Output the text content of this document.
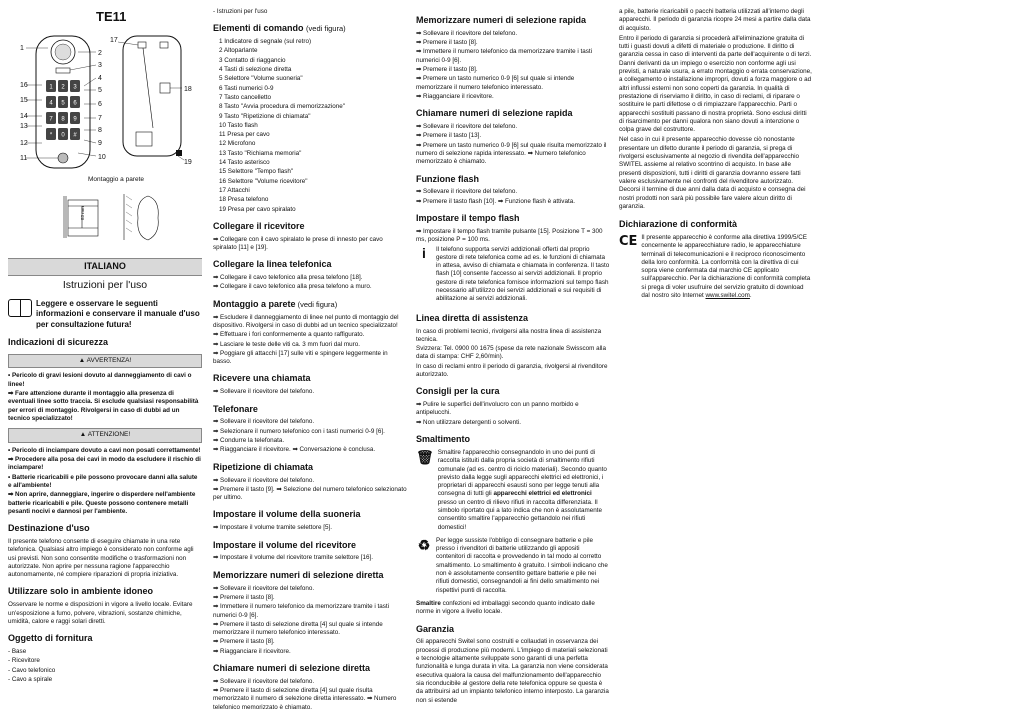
TE11
1 2 3
4 5 6
7 8 9
* 0 #
1
2
3
4
5
6
7
8
9
10
11
12
13
14
15
16
17
18
19
83 mm
Montaggio a parete
ITALIANO
Istruzioni per l'uso
Leggere e osservare le seguenti informazioni e conservare il manuale d'uso per consultazione futura!
Indicazioni di sicurezza
▲ AVVERTENZA!
• Pericolo di gravi lesioni dovuto al danneggiamento di cavi o linee!
➡ Fare attenzione durante il montaggio alla presenza di eventuali linee sotto traccia. Si esclude qualsiasi responsabilità per errori di montaggio. Rivolgersi in caso di dubbi ad un tecnico specializzato!
▲ ATTENZIONE!
• Pericolo di inciampare dovuto a cavi non posati correttamente!
➡ Procedere alla posa dei cavi in modo da escludere il rischio di inciampare!
• Batterie ricaricabili e pile possono provocare danni alla salute e all'ambiente!
➡ Non aprire, danneggiare, ingerire o disperdere nell'ambiente batterie ricaricabili e pile. Queste possono contenere metalli pesanti nocivi e dannosi per l'ambiente.
Destinazione d'uso

Il presente telefono consente di eseguire chiamate in una rete telefonica. Qualsiasi altro impiego è considerato non conforme agli usi previsti. Non sono consentite modifiche o trasformazioni non autorizzate. Non aprire per nessuna ragione l'apparecchio autonomamente, né compiere riparazioni di propria iniziativa.

Utilizzare solo in ambiente idoneo

Osservare le norme e disposizioni in vigore a livello locale. Evitare un'esposizione a fumo, polvere, vibrazioni, sostanze chimiche, umidità, calore e raggi solari diretti.

Oggetto di fornitura
- Base
- Ricevitore
- Cavo telefonico
- Cavo a spirale
- Istruzioni per l'uso
Elementi di comando (vedi figura)
1 Indicatore di segnale (sul retro)
2 Altoparlante
3 Contatto di riaggancio
4 Tasti di selezione diretta
5 Selettore "Volume suoneria"
6 Tasti numerici 0-9
7 Tasto cancelletto
8 Tasto "Avvia procedura di memorizzazione"
9 Tasto "Ripetizione di chiamata"
10 Tasto flash
11 Presa per cavo
12 Microfono
13 Tasto "Richiama memoria"
14 Tasto asterisco
15 Selettore "Tempo flash"
16 Selettore "Volume ricevitore"
17 Attacchi
18 Presa telefono
19 Presa per cavo spiralato
Collegare il ricevitore
➡ Collegare con il cavo spiralato le prese di innesto per cavo spiralato [11] e [19].
Collegare la linea telefonica
➡ Collegare il cavo telefonico alla presa telefono [18].
➡ Collegare il cavo telefonico alla presa telefono a muro.
Montaggio a parete (vedi figura)
➡ Escludere il danneggiamento di linee nel punto di montaggio del dispositivo. Rivolgersi in caso di dubbi ad un tecnico specializzato!
➡ Effettuare i fori conformemente a quanto raffigurato.
➡ Lasciare le teste delle viti ca. 3 mm fuori dal muro.
➡ Poggiare gli attacchi [17] sulle viti e spingere leggermente in basso.
Ricevere una chiamata
➡ Sollevare il ricevitore del telefono.
Telefonare
➡ Sollevare il ricevitore del telefono.
➡ Selezionare il numero telefonico con i tasti numerici 0-9 [6].
➡ Condurre la telefonata.
➡ Riagganciare il ricevitore. ➡ Conversazione è conclusa.
Ripetizione di chiamata
➡ Sollevare il ricevitore del telefono.
➡ Premere il tasto [9]. ➡ Selezione del numero telefonico selezionato per ultimo.
Impostare il volume della suoneria
➡ Impostare il volume tramite selettore [5].
Impostare il volume del ricevitore
➡ Impostare il volume del ricevitore tramite selettore [16].
Memorizzare numeri di selezione diretta
➡ Sollevare il ricevitore del telefono.
➡ Premere il tasto [8].
➡ Immettere il numero telefonico da memorizzare tramite i tasti numerici 0-9 [6].
➡ Premere il tasto di selezione diretta [4] sul quale si intende memorizzare il numero telefonico interessato.
➡ Premere il tasto [8].
➡ Riagganciare il ricevitore.
Chiamare numeri di selezione diretta
➡ Sollevare il ricevitore del telefono.
➡ Premere il tasto di selezione diretta [4] sul quale risulta memorizzato il numero di selezione diretta interessato. ➡ Numero telefonico memorizzato è chiamato.
Memorizzare numeri di selezione rapida
➡ Sollevare il ricevitore del telefono.
➡ Premere il tasto [8].
➡ Immettere il numero telefonico da memorizzare tramite i tasti numerici 0-9 [6].
➡ Premere il tasto [8].
➡ Premere un tasto numerico 0-9 [6] sul quale si intende memorizzare il numero telefonico interessato.
➡ Riagganciare il ricevitore.
Chiamare numeri di selezione rapida
➡ Sollevare il ricevitore del telefono.
➡ Premere il tasto [13].
➡ Premere un tasto numerico 0-9 [6] sul quale risulta memorizzato il numero di selezione rapida interessato. ➡ Numero telefonico memorizzato è chiamato.
Funzione flash
➡ Sollevare il ricevitore del telefono.
➡ Premere il tasto flash [10]. ➡ Funzione flash è attivata.
Impostare il tempo flash
➡ Impostare il tempo flash tramite pulsante [15]. Posizione T = 300 ms, posizione P = 100 ms.
i	Il telefono supporta servizi addizionali offerti dal proprio gestore di rete telefonica come ad es. le funzioni di chiamata in attesa, avviso di chiamata e chiamata in conferenza. Il tasto flash [10] consente l'accesso ai servizi addizionali. Il proprio gestore di rete telefonica fornisce informazioni sul tempo flash necessario all'utilizzo dei servizi addizionali e sui requisiti di abilitazione ai servizi addizionali.

Linea diretta di assistenza
In caso di problemi tecnici, rivolgersi alla nostra linea di assistenza tecnica.
Svizzera: Tel. 0900 00 1675 (spese da rete nazionale Swisscom alla data di stampa: CHF 2,60/min).
In caso di reclami entro il periodo di garanzia, rivolgersi al rivenditore autorizzato.
Consigli per la cura
➡ Pulire le superfici dell'involucro con un panno morbido e antipelucchi.
➡ Non utilizzare detergenti o solventi.
Smaltimento
🗑 Smaltire l'apparecchio consegnandolo in uno dei punti di raccolta istituiti dalla propria società di smaltimento rifiuti comunale (ad es. centro di riciclo materiali). Secondo quanto previsto dalla legge sugli apparecchi elettrici ed elettronici, i proprietari di apparecchi esausti sono per legge tenuti alla consegna di tutti gli apparecchi elettrici ed elettronici presso un centro di rilievo rifiuti in raccolta differenziata. Il simbolo riportato qui a lato indica che non è assolutamente consentito smaltire l'apparecchio gettandolo nei rifiuti domestici!

♻ Per legge sussiste l'obbligo di consegnare batterie e pile presso i rivenditori di batterie utilizzando gli appositi contenitori di raccolta e provvedendo in tal modo al corretto smaltimento. Lo smaltimento è gratuito. I simboli indicano che non è assolutamente consentito gettare batterie e pile nei rifiuti domestici, consegnandoli ai fini dello smaltimento nei rispettivi punti di raccolta.

Smaltire confezioni ed imballaggi secondo quanto indicato dalle norme in vigore a livello locale.

Garanzia

Gli apparecchi Switel sono costruiti e collaudati in osservanza dei processi di produzione più moderni. L'impiego di materiali selezionati e tecnologie altamente sviluppate sono garanti di una perfetta funzionalità e lunga durata in vita. La garanzia non viene considerata esecutiva qualora la causa del malfunzionamento dell'apparecchio sia riconducibile al gestore della rete telefonica oppure se questa è da attribuirsi ad un impianto telefonico interno interposto. La garanzia non si estende

a pile, batterie ricaricabili o pacchi batteria utilizzati all'interno degli apparecchi. Il periodo di garanzia ricopre 24 mesi a partire dalla data di acquisto.

Entro il periodo di garanzia si procederà all'eliminazione gratuita di tutti i guasti dovuti a difetti di materiale o produzione. Il diritto di garanzia cessa in caso di interventi da parte dell'acquirente o di terzi. Danni derivanti da un impiego o esercizio non conforme agli usi previsti, a naturale usura, a errato montaggio o errata conservazione, a collegamento o installazione impropri, dovuti a forza maggiore o ad altri influssi esterni non sono coperti da garanzia. In qualità di prestazione di riserviamo il diritto, in caso di reclami, di riparare o sostituire le parti difettose o di rimpiazzare l'apparecchio. Parti o apparecchi sostituiti passano di nostra proprietà. Sono esclusi diritti di risarcimento per danni qualora non siano dovuti a intenzione o colpa grave del costruttore.

Nel caso in cui il presente apparecchio dovesse ciò nonostante presentare un difetto durante il periodo di garanzia, si prega di rivolgersi esclusivamente al negozio di rivendita dell'apparecchio SWITEL assieme al relativo scontrino di acquisto. In base alle presenti disposizioni, tutti i diritti di garanzia dovranno essere fatti valere esclusivamente nei confronti del rivenditore autorizzato. Decorsi il termine di due anni dalla data di acquisto e consegna dei nostri prodotti non sarà più possibile fare valere alcun diritto di garanzia.

Dichiarazione di conformità
CE Il presente apparecchio è conforme alla direttiva 1999/5/CE concernente le apparecchiature radio, le apparecchiature terminali di telecomunicazioni e il reciproco riconoscimento della loro conformità. La conformità con la direttiva di cui sopra viene confermata dal marchio CE applicato sull'apparecchio. Per la dichiarazione di conformità completa si prega di voler usufruire del servizio gratuito di download dal nostro sito Internet www.switel.com.
